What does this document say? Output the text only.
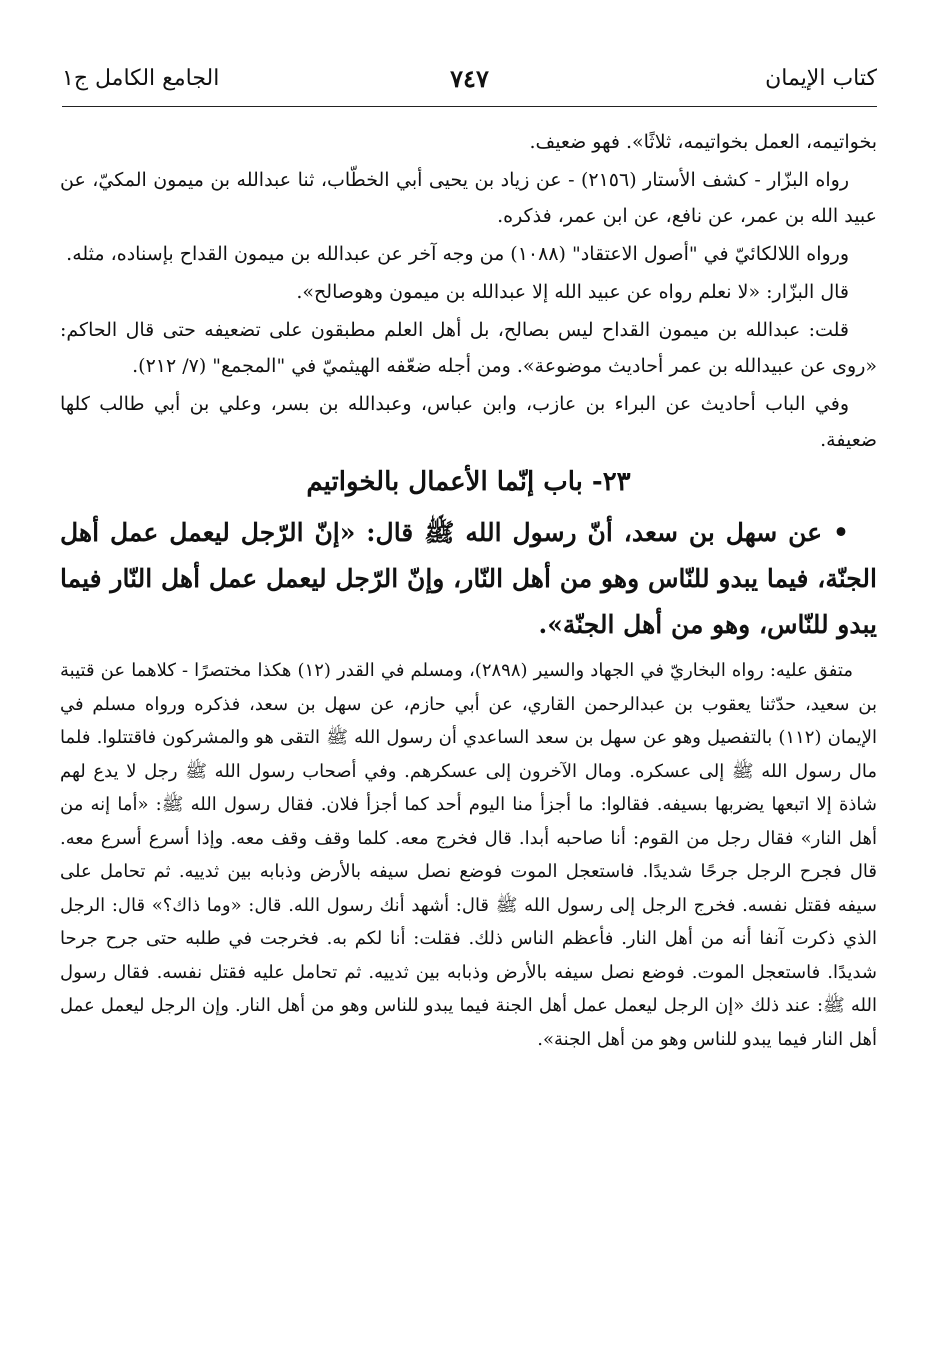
كتاب الإيمان
٧٤٧
الجامع الكامل ج١

بخواتيمه، العمل بخواتيمه، ثلاثًا». فهو ضعيف.

رواه البزّار - كشف الأستار (٢١٥٦) - عن زياد بن يحيى أبي الخطّاب، ثنا عبدالله بن ميمون المكيّ، عن عبيد الله بن عمر، عن نافع، عن ابن عمر، فذكره.

ورواه اللالكائيّ في "أصول الاعتقاد" (١٠٨٨) من وجه آخر عن عبدالله بن ميمون القداح بإسناده، مثله.

قال البزّار: «لا نعلم رواه عن عبيد الله إلا عبدالله بن ميمون وهوصالح».

قلت: عبدالله بن ميمون القداح ليس بصالح، بل أهل العلم مطبقون على تضعيفه حتى قال الحاكم: «روى عن عبيدالله بن عمر أحاديث موضوعة». ومن أجله ضعّفه الهيثميّ في "المجمع" (٧/ ٢١٢).

وفي الباب أحاديث عن البراء بن عازب، وابن عباس، وعبدالله بن بسر، وعلي بن أبي طالب كلها ضعيفة.

٢٣- باب إنّما الأعمال بالخواتيم

• عن سهل بن سعد، أنّ رسول الله ﷺ قال: «إنّ الرّجل ليعمل عمل أهل الجنّة، فيما يبدو للنّاس وهو من أهل النّار، وإنّ الرّجل ليعمل عمل أهل النّار فيما يبدو للنّاس، وهو من أهل الجنّة».

متفق عليه: رواه البخاريّ في الجهاد والسير (٢٨٩٨)، ومسلم في القدر (١٢) هكذا مختصرًا - كلاهما عن قتيبة بن سعيد، حدّثنا يعقوب بن عبدالرحمن القاري، عن أبي حازم، عن سهل بن سعد، فذكره ورواه مسلم في الإيمان (١١٢) بالتفصيل وهو عن سهل بن سعد الساعدي أن رسول الله ﷺ التقى هو والمشركون فاقتتلوا. فلما مال رسول الله ﷺ إلى عسكره. ومال الآخرون إلى عسكرهم. وفي أصحاب رسول الله ﷺ رجل لا يدع لهم شاذة إلا اتبعها يضربها بسيفه. فقالوا: ما أجزأ منا اليوم أحد كما أجزأ فلان. فقال رسول الله ﷺ: «أما إنه من أهل النار» فقال رجل من القوم: أنا صاحبه أبدا. قال فخرج معه. كلما وقف وقف معه. وإذا أسرع أسرع معه. قال فجرح الرجل جرحًا شديدًا. فاستعجل الموت فوضع نصل سيفه بالأرض وذبابه بين ثدييه. ثم تحامل على سيفه فقتل نفسه. فخرج الرجل إلى رسول الله ﷺ قال: أشهد أنك رسول الله. قال: «وما ذاك؟» قال: الرجل الذي ذكرت آنفا أنه من أهل النار. فأعظم الناس ذلك. فقلت: أنا لكم به. فخرجت في طلبه حتى جرح جرحا شديدًا. فاستعجل الموت. فوضع نصل سيفه بالأرض وذبابه بين ثدييه. ثم تحامل عليه فقتل نفسه. فقال رسول الله ﷺ: عند ذلك «إن الرجل ليعمل عمل أهل الجنة فيما يبدو للناس وهو من أهل النار. وإن الرجل ليعمل عمل أهل النار فيما يبدو للناس وهو من أهل الجنة».
